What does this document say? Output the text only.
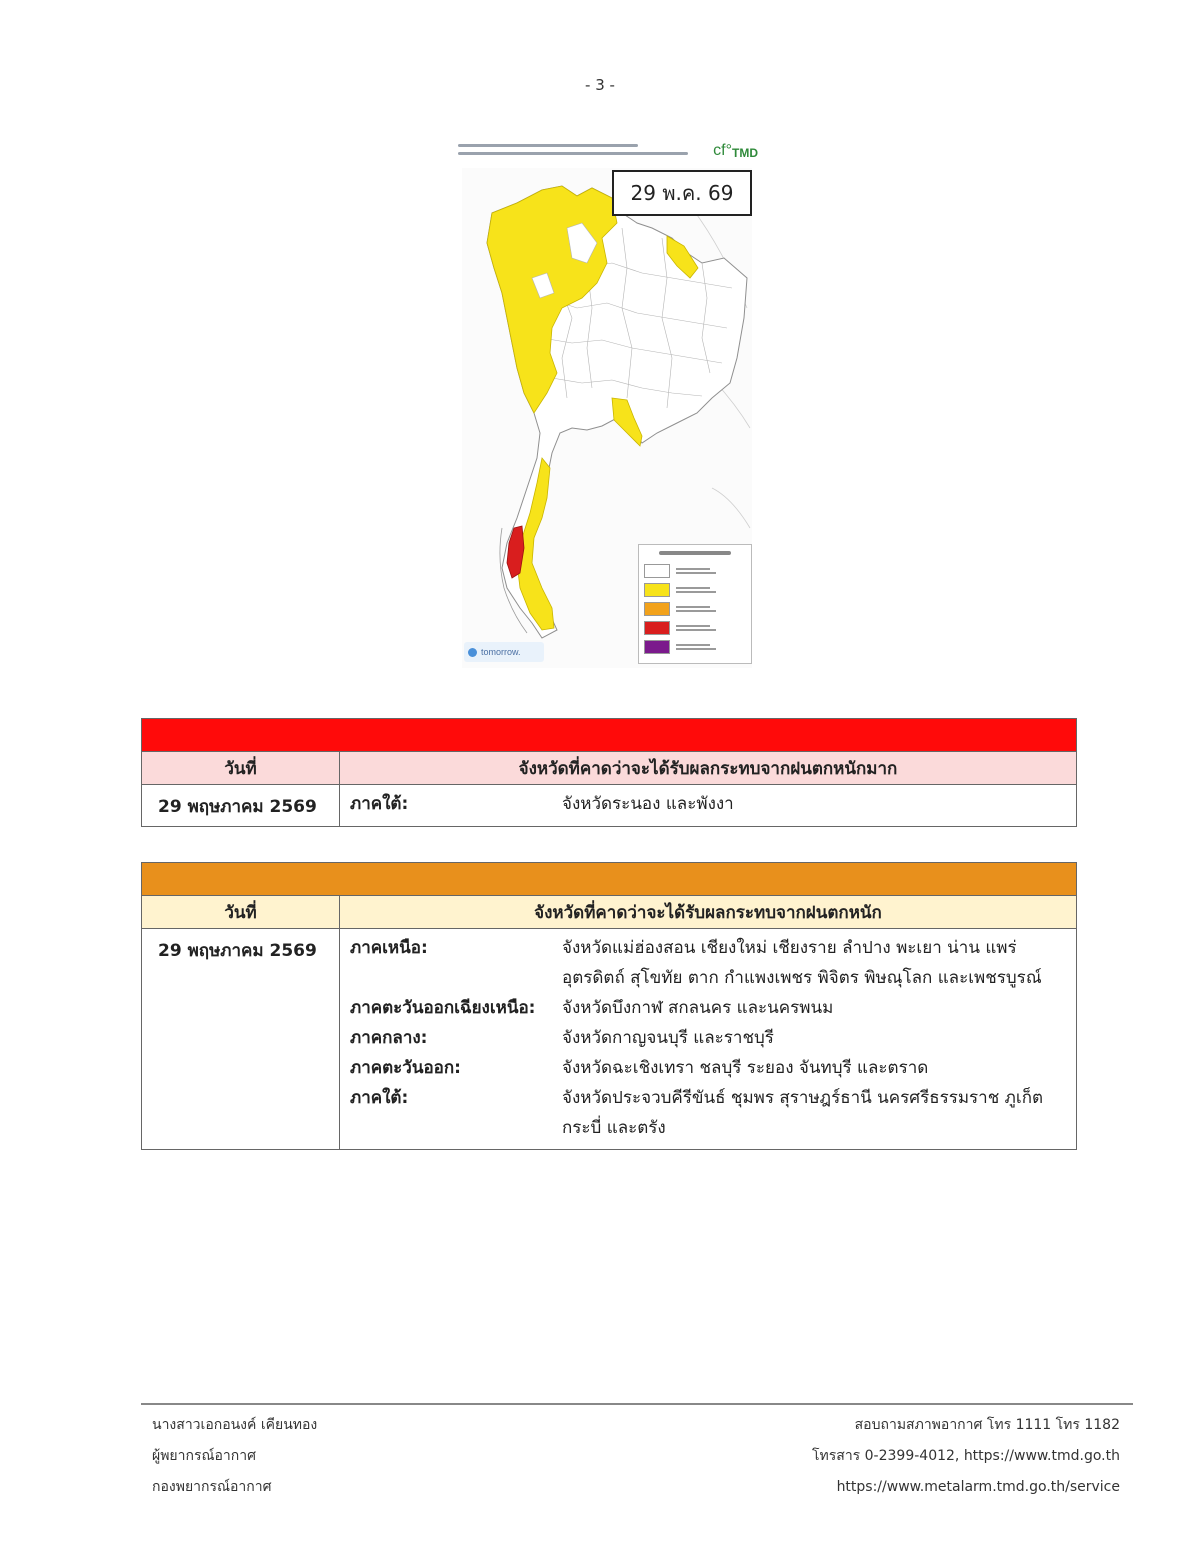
- 3 -
cf° TMD
29 พ.ค. 69
tomorrow.
วันที่	จังหวัดที่คาดว่าจะได้รับผลกระทบจากฝนตกหนักมาก
29 พฤษภาคม 2569	ภาคใต้:	จังหวัดระนอง และพังงา
วันที่	จังหวัดที่คาดว่าจะได้รับผลกระทบจากฝนตกหนัก
29 พฤษภาคม 2569	ภาคเหนือ:	จังหวัดแม่ฮ่องสอน เชียงใหม่ เชียงราย ลำปาง พะเยา น่าน แพร่ อุตรดิตถ์ สุโขทัย ตาก กำแพงเพชร พิจิตร พิษณุโลก และเพชรบูรณ์
ภาคตะวันออกเฉียงเหนือ:	จังหวัดบึงกาฬ สกลนคร และนครพนม
ภาคกลาง:	จังหวัดกาญจนบุรี และราชบุรี
ภาคตะวันออก:	จังหวัดฉะเชิงเทรา ชลบุรี ระยอง จันทบุรี และตราด
ภาคใต้:	จังหวัดประจวบคีรีขันธ์ ชุมพร สุราษฎร์ธานี นครศรีธรรมราช ภูเก็ต กระบี่ และตรัง
นางสาวเอกอนงค์ เคียนทอง
ผู้พยากรณ์อากาศ
กองพยากรณ์อากาศ
สอบถามสภาพอากาศ โทร 1111 โทร 1182
โทรสาร 0-2399-4012, https://www.tmd.go.th
https://www.metalarm.tmd.go.th/service
